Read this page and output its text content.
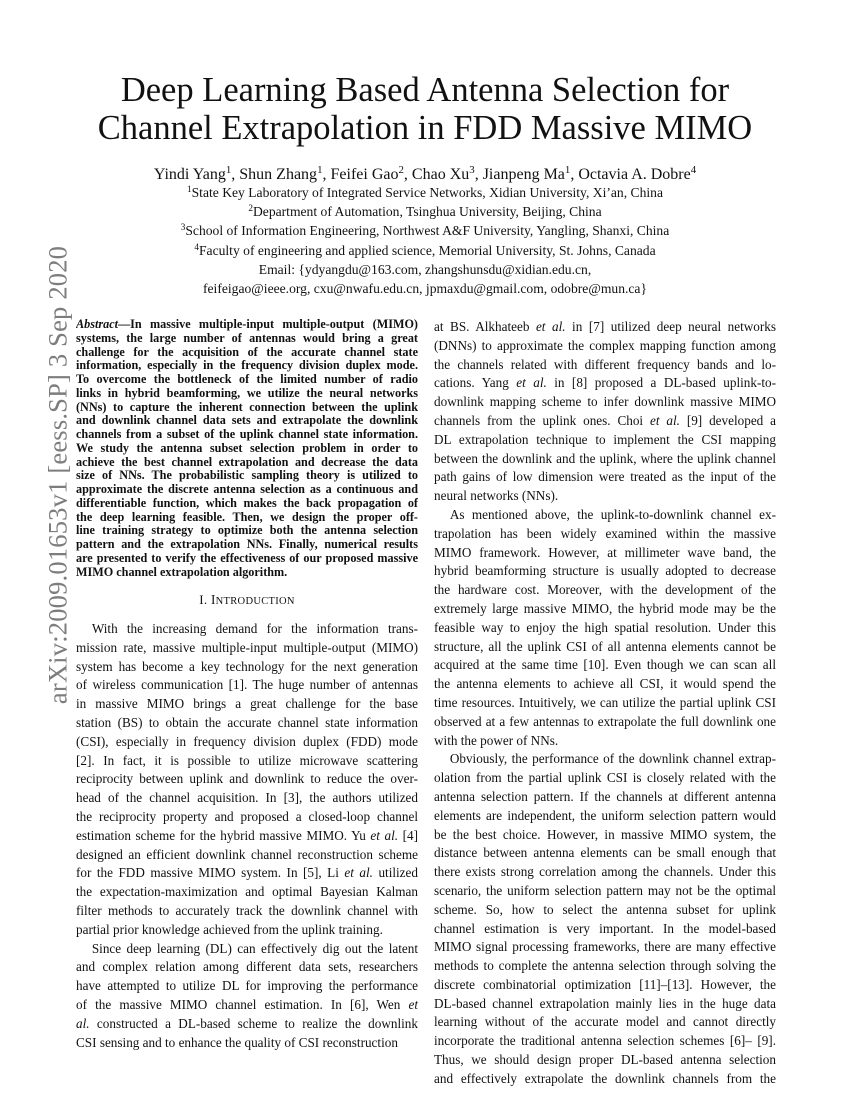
arXiv:2009.01653v1 [eess.SP] 3 Sep 2020
Deep Learning Based Antenna Selection for
Channel Extrapolation in FDD Massive MIMO
Yindi Yang$^1$, Shun Zhang$^1$, Feifei Gao$^2$, Chao Xu$^3$, Jianpeng Ma$^1$, Octavia A. Dobre$^4$
$^1$State Key Laboratory of Integrated Service Networks, Xidian University, Xi’an, China
$^2$Department of Automation, Tsinghua University, Beijing, China
$^3$School of Information Engineering, Northwest A&F University, Yangling, Shanxi, China
$^4$Faculty of engineering and applied science, Memorial University, St. Johns, Canada
Email: {ydyangdu@163.com, zhangshunsdu@xidian.edu.cn,
feifeigao@ieee.org, cxu@nwafu.edu.cn, jpmaxdu@gmail.com, odobre@mun.ca}
Abstract—In massive multiple-input multiple-output (MIMO)
systems, the large number of antennas would bring a great
challenge for the acquisition of the accurate channel state
information, especially in the frequency division duplex mode.
To overcome the bottleneck of the limited number of radio
links in hybrid beamforming, we utilize the neural networks
(NNs) to capture the inherent connection between the uplink
and downlink channel data sets and extrapolate the downlink
channels from a subset of the uplink channel state information.
We study the antenna subset selection problem in order to
achieve the best channel extrapolation and decrease the data
size of NNs. The probabilistic sampling theory is utilized to
approximate the discrete antenna selection as a continuous and
differentiable function, which makes the back propagation of
the deep learning feasible. Then, we design the proper off-
line training strategy to optimize both the antenna selection
pattern and the extrapolation NNs. Finally, numerical results
are presented to verify the effectiveness of our proposed massive
MIMO channel extrapolation algorithm.
I. INTRODUCTION
With the increasing demand for the information trans-
mission rate, massive multiple-input multiple-output (MIMO)
system has become a key technology for the next generation
of wireless communication [1]. The huge number of antennas
in massive MIMO brings a great challenge for the base
station (BS) to obtain the accurate channel state information
(CSI), especially in frequency division duplex (FDD) mode
[2]. In fact, it is possible to utilize microwave scattering
reciprocity between uplink and downlink to reduce the over-
head of the channel acquisition. In [3], the authors utilized
the reciprocity property and proposed a closed-loop channel
estimation scheme for the hybrid massive MIMO. Yu et al. [4]
designed an efficient downlink channel reconstruction scheme
for the FDD massive MIMO system. In [5], Li et al. utilized
the expectation-maximization and optimal Bayesian Kalman
filter methods to accurately track the downlink channel with
partial prior knowledge achieved from the uplink training.
Since deep learning (DL) can effectively dig out the latent
and complex relation among different data sets, researchers
have attempted to utilize DL for improving the performance
of the massive MIMO channel estimation. In [6], Wen et
al. constructed a DL-based scheme to realize the downlink
CSI sensing and to enhance the quality of CSI reconstruction
at BS. Alkhateeb et al. in [7] utilized deep neural networks
(DNNs) to approximate the complex mapping function among
the channels related with different frequency bands and lo-
cations. Yang et al. in [8] proposed a DL-based uplink-to-
downlink mapping scheme to infer downlink massive MIMO
channels from the uplink ones. Choi et al. [9] developed a
DL extrapolation technique to implement the CSI mapping
between the downlink and the uplink, where the uplink channel
path gains of low dimension were treated as the input of the
neural networks (NNs).
As mentioned above, the uplink-to-downlink channel ex-
trapolation has been widely examined within the massive
MIMO framework. However, at millimeter wave band, the
hybrid beamforming structure is usually adopted to decrease
the hardware cost. Moreover, with the development of the
extremely large massive MIMO, the hybrid mode may be the
feasible way to enjoy the high spatial resolution. Under this
structure, all the uplink CSI of all antenna elements cannot be
acquired at the same time [10]. Even though we can scan all
the antenna elements to achieve all CSI, it would spend the
time resources. Intuitively, we can utilize the partial uplink CSI
observed at a few antennas to extrapolate the full downlink one
with the power of NNs.
Obviously, the performance of the downlink channel extrap-
olation from the partial uplink CSI is closely related with the
antenna selection pattern. If the channels at different antenna
elements are independent, the uniform selection pattern would
be the best choice. However, in massive MIMO system, the
distance between antenna elements can be small enough that
there exists strong correlation among the channels. Under this
scenario, the uniform selection pattern may not be the optimal
scheme. So, how to select the antenna subset for uplink
channel estimation is very important. In the model-based
MIMO signal processing frameworks, there are many effective
methods to complete the antenna selection through solving the
discrete combinatorial optimization [11]–[13]. However, the
DL-based channel extrapolation mainly lies in the huge data
learning without of the accurate model and cannot directly
incorporate the traditional antenna selection schemes [6]– [9].
Thus, we should design proper DL-based antenna selection
and effectively extrapolate the downlink channels from the
